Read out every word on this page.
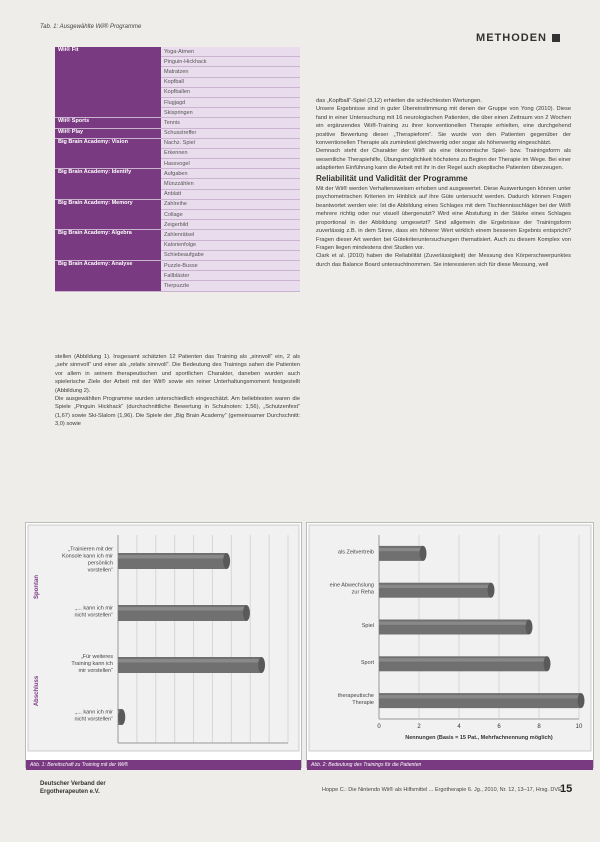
Tab. 1: Ausgewählte Wii® Programme
METHODEN
Wii® Fit	Yoga-Atmen
	Pinguin-Hickhack
	Matratzen
	Kopfball
	Kopfballen
	Flugjagd
	Skispringen
Wii® Sports	Tennis
Wii® Play	Schusstreffer
Big Brain Academy: Vision	Nachz. Spiel
	Erkennen
	Hassvogel
Big Brain Academy: Identify	Aufgaben
	Münzzählen
	Anblatt
Big Brain Academy: Memory	Zahlreihe
	Collage
	Zeigerbild
Big Brain Academy: Algebra	Zahlenrätsel
	Kalorienfolge
	Schiebeaufgabe
Big Brain Academy: Analyse	Puzzle-Busse
	Fallbläster
	Tierpuzzle

stellen (Abbildung 1). Insgesamt schätzten 12 Patienten das Training als „sinnvoll“ ein, 2 als „sehr sinnvoll“ und einer als „relativ sinnvoll“. Die Bedeutung des Trainings sahen die Patienten vor allem in seinem therapeutischen und sportlichen Charakter, daneben wurden auch spielerische Ziele der Arbeit mit der Wii® sowie ein reiner Unterhaltungsmoment festgestellt (Abbildung 2).

Die ausgewählten Programme wurden unterschiedlich eingeschätzt. Am beliebtesten waren die Spiele „Pinguin Hickhack“ (durchschnittliche Bewertung in Schulnoten: 1,56), „Schutzenfest“ (1,67) sowie Ski-Slalom (1,96). Die Spiele der „Big Brain Academy“ (gemeinsamer Durchschnitt: 3,0) sowie

das „Kopfball“-Spiel (3,12) erhielten die schlechtesten Wertungen.

Unsere Ergebnisse sind in guter Übereinstimmung mit denen der Gruppe von Yong (2010). Diese fand in einer Untersuchung mit 16 neurologischen Patienten, die über einen Zeitraum von 2 Wochen ein ergänzendes Wii®-Training zu ihrer konventionellen Therapie erhielten, eine durchgehend positive Bewertung dieser „Therapieform“. Sie wurde von den Patienten gegenüber der konventionellen Therapie als zumindest gleichwertig oder sogar als höherwertig eingeschätzt.

Demnach steht der Charakter der Wii® als eine ökonomische Spiel- bzw. Trainingsform als wesentliche Therapiehilfe, Übungsmöglichkeit höchstens zu Beginn der Therapie im Wege. Bei einer adaptierten Einführung kann die Arbeit mit ihr in der Regel auch skeptische Patienten überzeugen.

Reliabilität und Validität der Programme

Mit der Wii® werden Verhaltensweisen erhoben und ausgewertet. Diese Auswertungen können unter psychometrischen Kriterien im Hinblick auf ihre Güte untersucht werden. Dadurch können Fragen beantwortet werden wie: Ist die Abbildung eines Schlages mit dem Tischtennisschläger bei der Wii® mehrere richtig oder nur visuell übergenutzt? Wird eine Abstufung in der Stärke eines Schlages proportional in der Abbildung umgesetzt? Sind allgemein die Ergebnisse der Trainingsform zuverlässig z.B. in dem Sinne, dass ein höherer Wert wirklich einem besseren Ergebnis entspricht? Fragen dieser Art werden bei Gütekriteruntersuchungen thematisiert. Auch zu diesem Komplex von Fragen liegen mindestens drei Studien vor.

Clark et al. (2010) haben die Reliabilität (Zuverlässigkeit) der Messung des Körperschwerpunktes durch das Balance Board untersuchtnommen. Sie interessieren sich für diese Messung, weil

„Trainieren mit der Konsole kann ich mir persönlich vorstellen“
„... kann ich mir nicht vorstellen“
„Für weiteres Training kann ich mir vorstellen“
„... kann ich mir nicht vorstellen“
Spontan
Abschluss
Abb. 1: Bereitschaft zu Training mit der Wii®
0	2	4	6	8	10
als Zeitvertreib
eine Abwechslung zur Reha
Spiel
Sport
therapeutische Therapie
Nennungen (Basis = 15 Pat., Mehrfachnennung möglich)
Abb. 2: Bedeutung des Trainings für die Patienten
Deutscher Verband der
Ergotherapeuten e.V.	Hoppe C.: Die Nintendo Wii® als Hilfsmittel ... Ergotherapie 6. Jg., 2010, Nr. 12, 13–17, Hrsg. DVE
15
